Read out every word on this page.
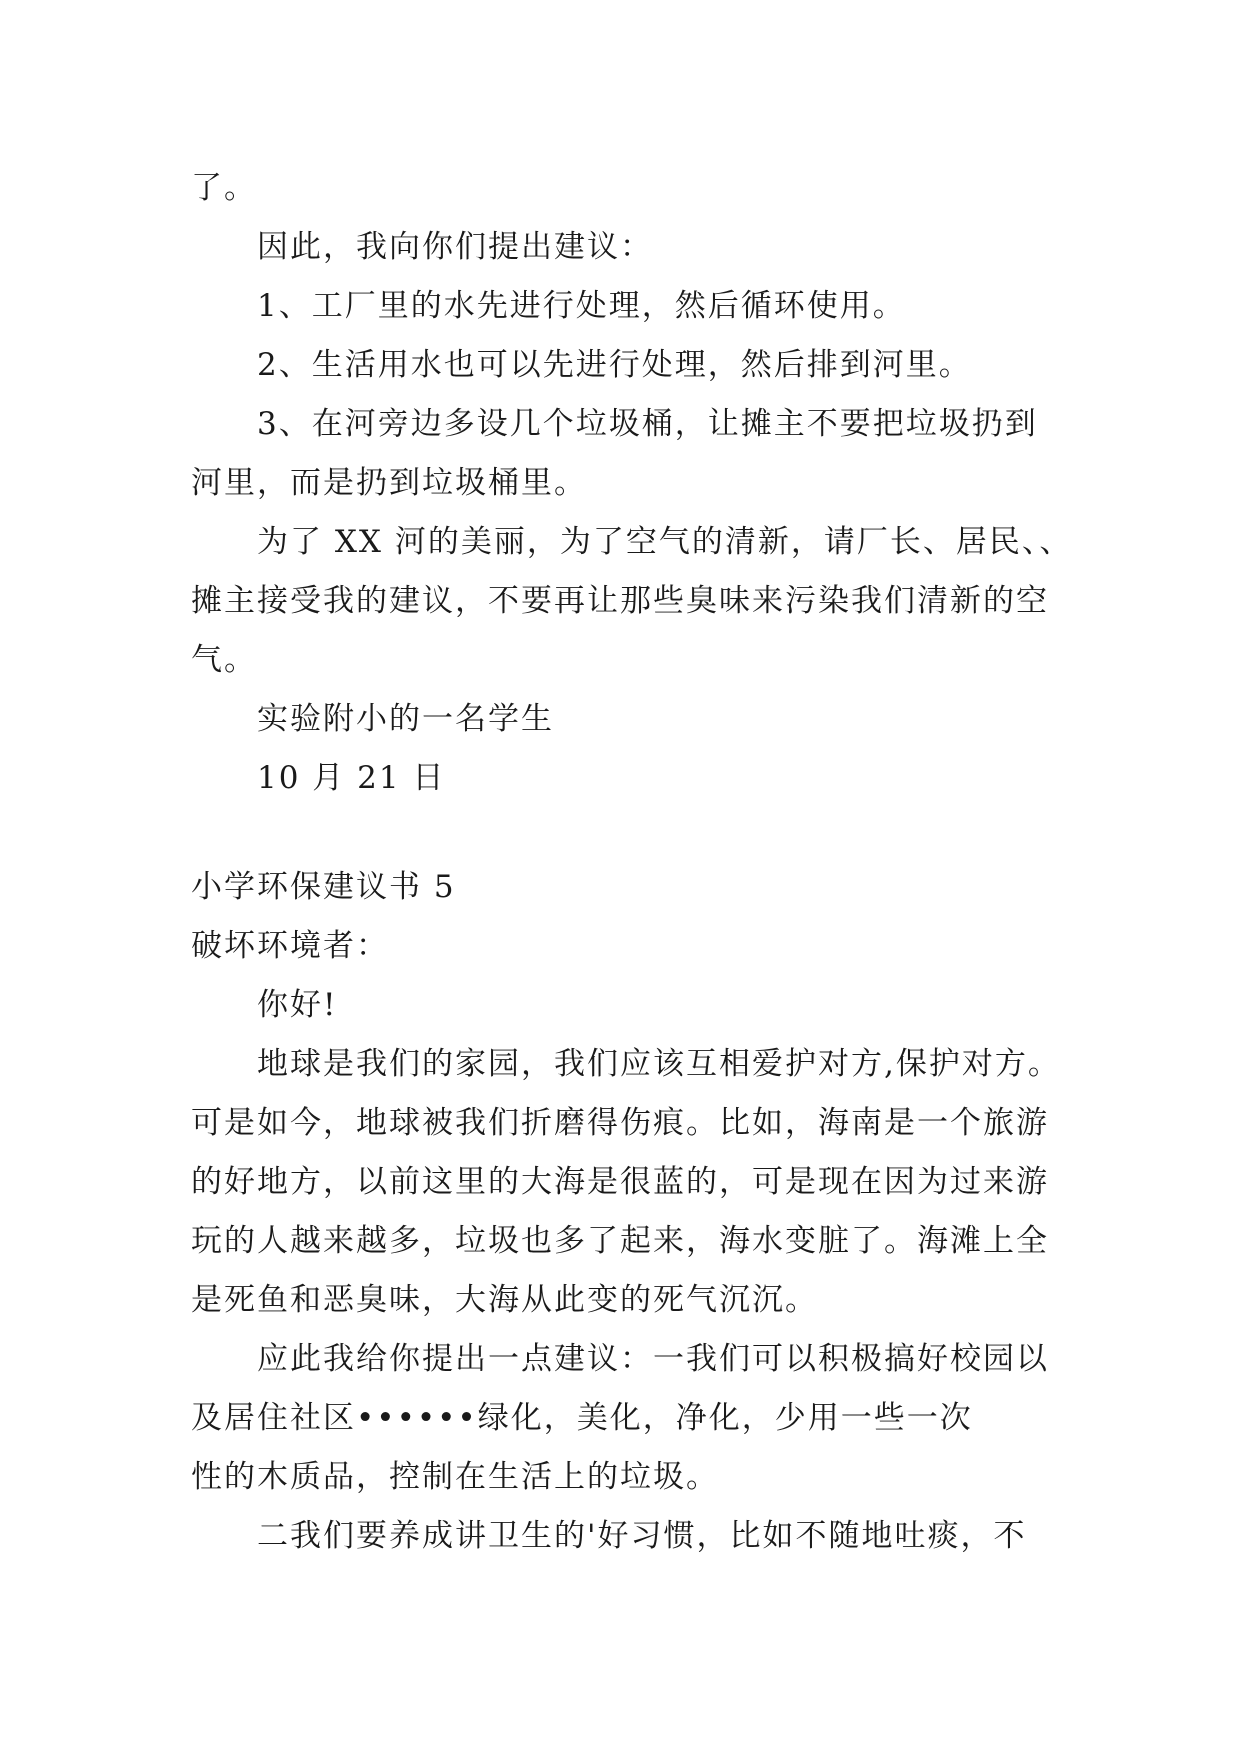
了。
因此，我向你们提出建议：
1、工厂里的水先进行处理，然后循环使用。
2、生活用水也可以先进行处理，然后排到河里。
3、在河旁边多设几个垃圾桶，让摊主不要把垃圾扔到
河里，而是扔到垃圾桶里。
为了 XX 河的美丽，为了空气的清新，请厂长、居民、、
摊主接受我的建议，不要再让那些臭味来污染我们清新的空
气。
实验附小的一名学生
10 月 21 日
小学环保建议书 5
破坏环境者：
你好!
地球是我们的家园，我们应该互相爱护对方,保护对方。
可是如今，地球被我们折磨得伤痕。比如，海南是一个旅游
的好地方，以前这里的大海是很蓝的，可是现在因为过来游
玩的人越来越多，垃圾也多了起来，海水变脏了。海滩上全
是死鱼和恶臭味，大海从此变的死气沉沉。
应此我给你提出一点建议：一我们可以积极搞好校园以
及居住社区••••••绿化，美化，净化，少用一些一次
性的木质品，控制在生活上的垃圾。
二我们要养成讲卫生的'好习惯，比如不随地吐痰，不
